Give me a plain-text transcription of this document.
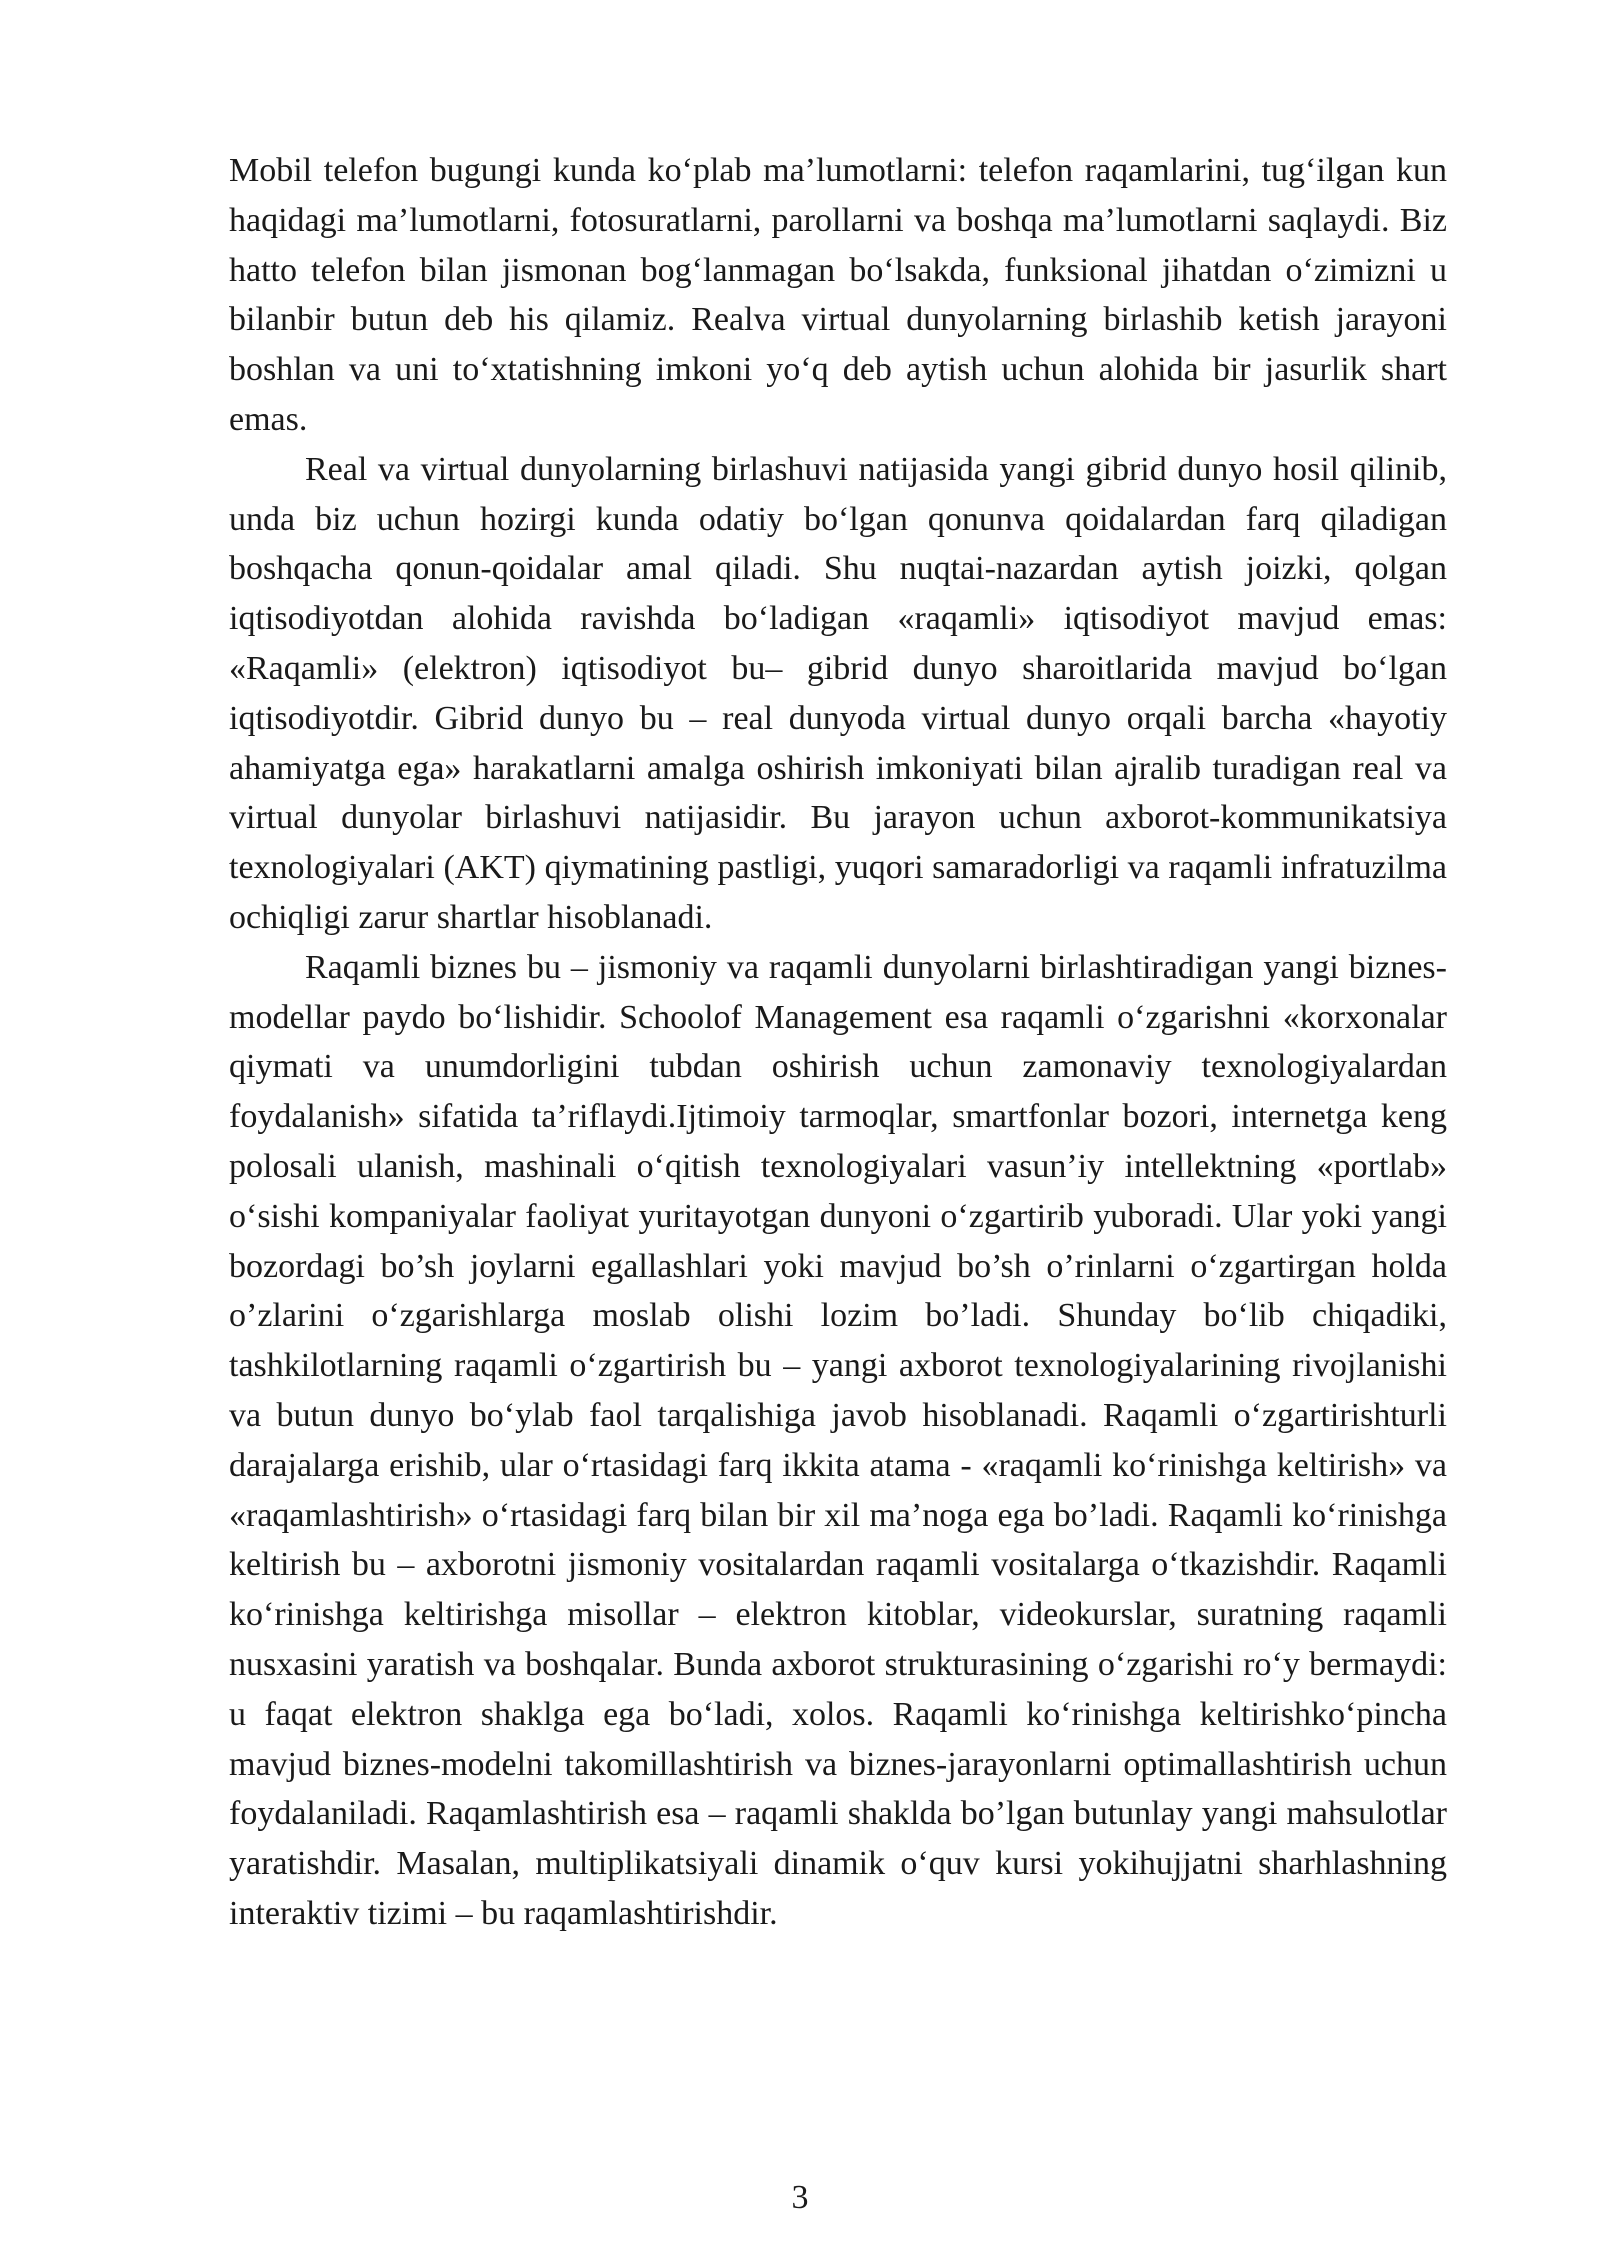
Mobil telefon bugungi kunda ko‘plab ma’lumotlarni: telefon raqamlarini, tug‘ilgan kun haqidagi ma’lumotlarni, fotosuratlarni, parollarni va boshqa ma’lumotlarni saqlaydi. Biz hatto telefon bilan jismonan bog‘lanmagan bo‘lsakda, funksional jihatdan o‘zimizni u bilanbir butun deb his qilamiz. Realva virtual dunyolarning birlashib ketish jarayoni boshlan va uni to‘xtatishning imkoni yo‘q deb aytish uchun alohida bir jasurlik shart emas.

Real va virtual dunyolarning birlashuvi natijasida yangi gibrid dunyo hosil qilinib, unda biz uchun hozirgi kunda odatiy bo‘lgan qonunva qoidalardan farq qiladigan boshqacha qonun-qoidalar amal qiladi. Shu nuqtai-nazardan aytish joizki, qolgan iqtisodiyotdan alohida ravishda bo‘ladigan «raqamli» iqtisodiyot mavjud emas: «Raqamli» (elektron) iqtisodiyot bu– gibrid dunyo sharoitlarida mavjud bo‘lgan iqtisodiyotdir. Gibrid dunyo bu – real dunyoda virtual dunyo orqali barcha «hayotiy ahamiyatga ega» harakatlarni amalga oshirish imkoniyati bilan ajralib turadigan real va virtual dunyolar birlashuvi natijasidir. Bu jarayon uchun axborot-kommunikatsiya texnologiyalari (AKT) qiymatining pastligi, yuqori samaradorligi va raqamli infratuzilma ochiqligi zarur shartlar hisoblanadi.

Raqamli biznes bu – jismoniy va raqamli dunyolarni birlashtiradigan yangi biznes-modellar paydo bo‘lishidir. Schoolof Management esa raqamli o‘zgarishni «korxonalar qiymati va unumdorligini tubdan oshirish uchun zamonaviy texnologiyalardan foydalanish» sifatida ta’riflaydi.Ijtimoiy tarmoqlar, smartfonlar bozori, internetga keng polosali ulanish, mashinali o‘qitish texnologiyalari vasun’iy intellektning «portlab» o‘sishi kompaniyalar faoliyat yuritayotgan dunyoni o‘zgartirib yuboradi. Ular yoki yangi bozordagi bo’sh joylarni egallashlari yoki mavjud bo’sh o’rinlarni o‘zgartirgan holda o’zlarini o‘zgarishlarga moslab olishi lozim bo’ladi. Shunday bo‘lib chiqadiki, tashkilotlarning raqamli o‘zgartirish bu – yangi axborot texnologiyalarining rivojlanishi va butun dunyo bo‘ylab faol tarqalishiga javob hisoblanadi. Raqamli o‘zgartirishturli darajalarga erishib, ular o‘rtasidagi farq ikkita atama - «raqamli ko‘rinishga keltirish» va «raqamlashtirish» o‘rtasidagi farq bilan bir xil ma’noga ega bo’ladi. Raqamli ko‘rinishga keltirish bu – axborotni jismoniy vositalardan raqamli vositalarga o‘tkazishdir. Raqamli ko‘rinishga keltirishga misollar – elektron kitoblar, videokurslar, suratning raqamli nusxasini yaratish va boshqalar. Bunda axborot strukturasining o‘zgarishi ro‘y bermaydi: u faqat elektron shaklga ega bo‘ladi, xolos. Raqamli ko‘rinishga keltirishko‘pincha mavjud biznes-modelni takomillashtirish va biznes-jarayonlarni optimallashtirish uchun foydalaniladi. Raqamlashtirish esa – raqamli shaklda bo’lgan butunlay yangi mahsulotlar yaratishdir. Masalan, multiplikatsiyali dinamik o‘quv kursi yokihujjatni sharhlashning interaktiv tizimi – bu raqamlashtirishdir.

3
